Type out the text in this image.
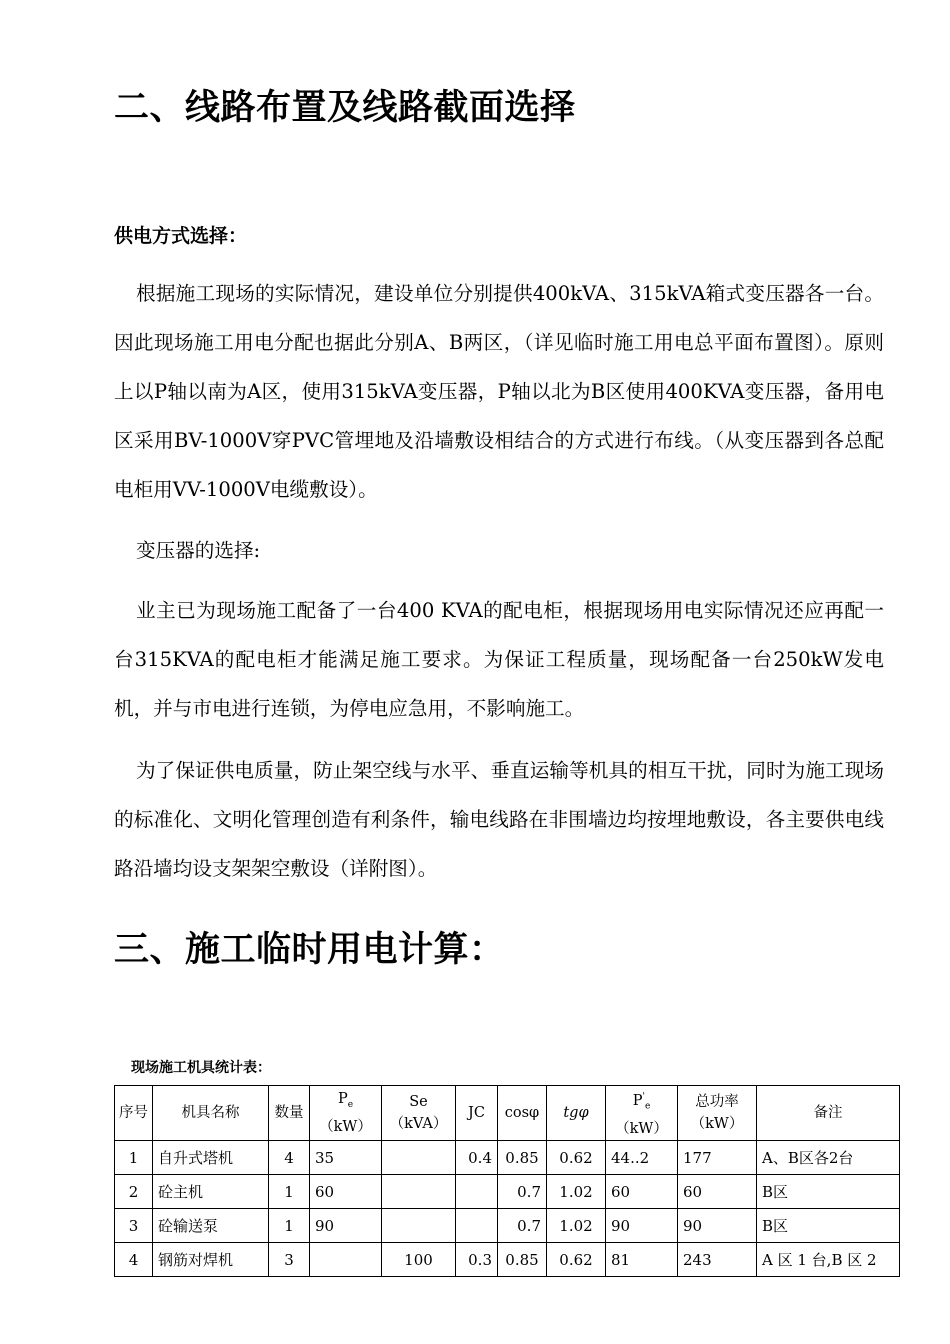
二、线路布置及线路截面选择

供电方式选择：

根据施工现场的实际情况，建设单位分别提供400kVA、315kVA箱式变压器各一台。因此现场施工用电分配也据此分别A、B两区，（详见临时施工用电总平面布置图）。原则上以P轴以南为A区，使用315kVA变压器，P轴以北为B区使用400KVA变压器，备用电区采用BV-1000V穿PVC管埋地及沿墙敷设相结合的方式进行布线。（从变压器到各总配电柜用VV-1000V电缆敷设）。

变压器的选择:

业主已为现场施工配备了一台400 KVA的配电柜，根据现场用电实际情况还应再配一台315KVA的配电柜才能满足施工要求。为保证工程质量，现场配备一台250kW发电机，并与市电进行连锁，为停电应急用，不影响施工。

为了保证供电质量，防止架空线与水平、垂直运输等机具的相互干扰，同时为施工现场的标准化、文明化管理创造有利条件，输电线路在非围墙边均按埋地敷设，各主要供电线路沿墙均设支架架空敷设（详附图）。

三、施工临时用电计算：

现场施工机具统计表：

序号	机具名称	数量	$P_e(kW)$	Se（kVA）	JC	cosφ	tgφ	$P'_e(kW)$	总功率（kW）	备注
1	自升式塔机	4	35		0.4	0.85	0.62	44..2	177	A、B区各2台
2	砼主机	1	60			0.7	1.02	60	60	B区
3	砼输送泵	1	90			0.7	1.02	90	90	B区
4	钢筋对焊机	3		100	0.3	0.85	0.62	81	243	A 区 1 台,B 区 2
